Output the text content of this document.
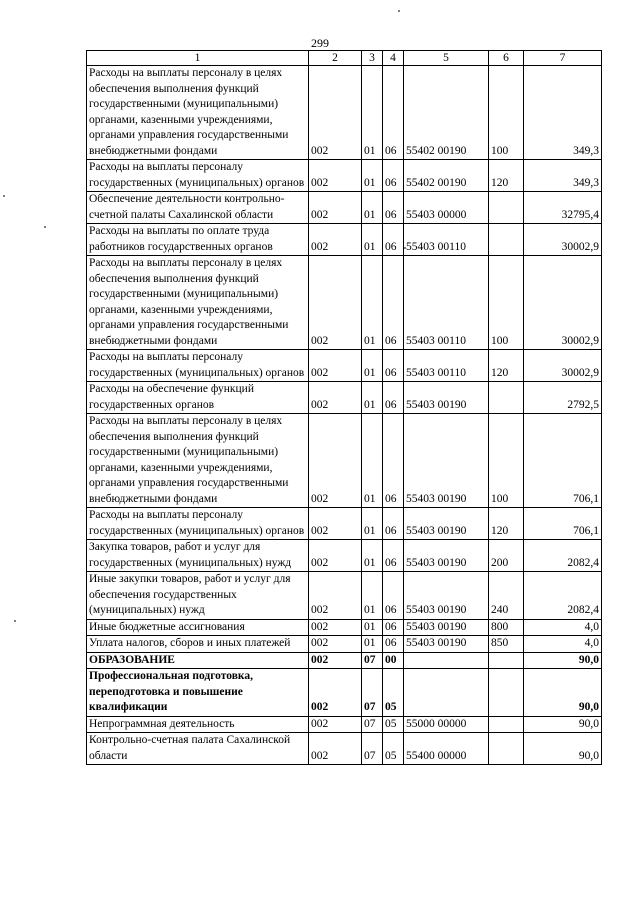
299
1	2	3	4	5	6	7
Расходы на выплаты персоналу в целях обеспечения выполнения функций государственными (муниципальными) органами, казенными учреждениями, органами управления государственными внебюджетными фондами	002	01	06	55402 00190	100	349,3
Расходы на выплаты персоналу государственных (муниципальных) органов	002	01	06	55402 00190	120	349,3
Обеспечение деятельности контрольно-счетной палаты Сахалинской области	002	01	06	55403 00000		32795,4
Расходы на выплаты по оплате труда работников государственных органов	002	01	06	55403 00110		30002,9
Расходы на выплаты персоналу в целях обеспечения выполнения функций государственными (муниципальными) органами, казенными учреждениями, органами управления государственными внебюджетными фондами	002	01	06	55403 00110	100	30002,9
Расходы на выплаты персоналу государственных (муниципальных) органов	002	01	06	55403 00110	120	30002,9
Расходы на обеспечение функций государственных органов	002	01	06	55403 00190		2792,5
Расходы на выплаты персоналу в целях обеспечения выполнения функций государственными (муниципальными) органами, казенными учреждениями, органами управления государственными внебюджетными фондами	002	01	06	55403 00190	100	706,1
Расходы на выплаты персоналу государственных (муниципальных) органов	002	01	06	55403 00190	120	706,1
Закупка товаров, работ и услуг для государственных (муниципальных) нужд	002	01	06	55403 00190	200	2082,4
Иные закупки товаров, работ и услуг для обеспечения государственных (муниципальных) нужд	002	01	06	55403 00190	240	2082,4
Иные бюджетные ассигнования	002	01	06	55403 00190	800	4,0
Уплата налогов, сборов и иных платежей	002	01	06	55403 00190	850	4,0
ОБРАЗОВАНИЕ	002	07	00			90,0
Профессиональная подготовка, переподготовка и повышение квалификации	002	07	05			90,0
Непрограммная деятельность	002	07	05	55000 00000		90,0
Контрольно-счетная палата Сахалинской области	002	07	05	55400 00000		90,0
